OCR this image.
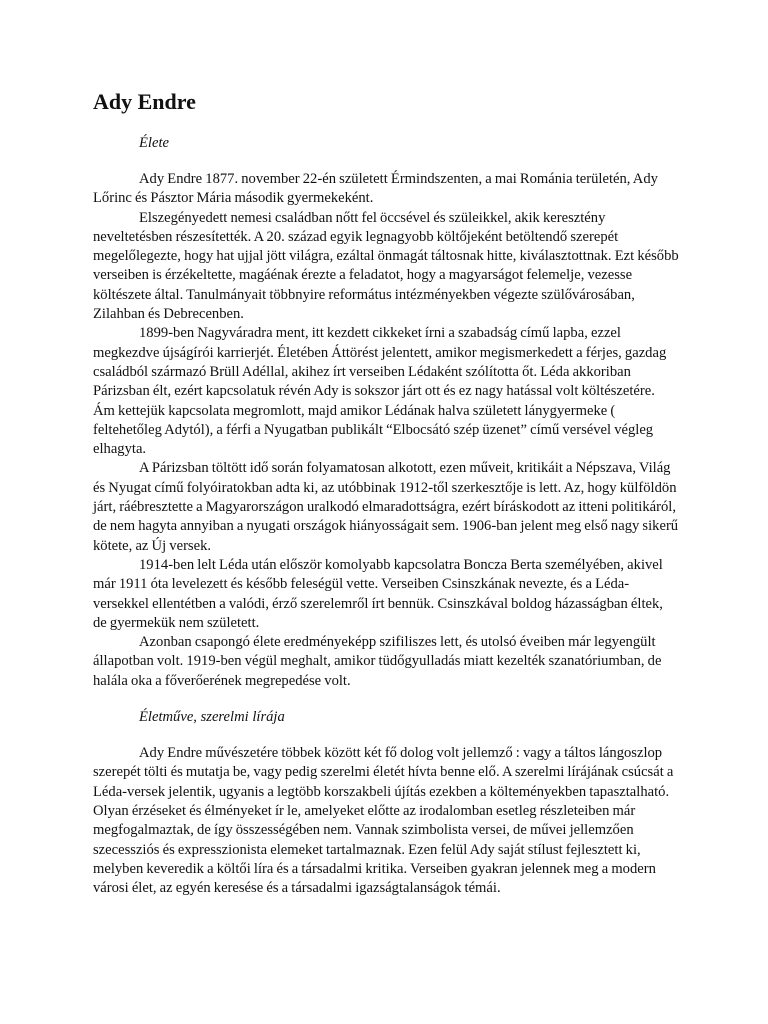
Ady Endre
Élete

Ady Endre 1877. november 22-én született Érmindszenten, a mai Románia területén, Ady Lőrinc és Pásztor Mária második gyermekeként.

Elszegényedett nemesi családban nőtt fel öccsével és szüleikkel, akik keresztény neveltetésben részesítették. A 20. század egyik legnagyobb költőjeként betöltendő szerepét megelőlegezte, hogy hat ujjal jött világra, ezáltal önmagát táltosnak hitte, kiválasztottnak. Ezt később verseiben is érzékeltette, magáénak érezte a feladatot, hogy a magyarságot felemelje, vezesse költészete által. Tanulmányait többnyire református intézményekben végezte szülővárosában, Zilahban és Debrecenben.

1899-ben Nagyváradra ment, itt kezdett cikkeket írni a szabadság című lapba, ezzel megkezdve újságírói karrierjét. Életében Áttörést jelentett, amikor megismerkedett a férjes, gazdag családból származó Brüll Adéllal, akihez írt verseiben Lédaként szólította őt. Léda akkoriban Párizsban élt, ezért kapcsolatuk révén Ady is sokszor járt ott és ez nagy hatással volt költészetére. Ám kettejük kapcsolata megromlott, majd amikor Lédának halva született lánygyermeke ( feltehetőleg Adytól), a férfi a Nyugatban publikált “Elbocsátó szép üzenet” című versével végleg elhagyta.

A Párizsban töltött idő során folyamatosan alkotott, ezen műveit, kritikáit a Népszava, Világ és Nyugat című folyóiratokban adta ki, az utóbbinak 1912-től szerkesztője is lett. Az, hogy külföldön járt, ráébresztette a Magyarországon uralkodó elmaradottságra, ezért bíráskodott az itteni politikáról, de nem hagyta annyiban a nyugati országok hiányosságait sem. 1906-ban jelent meg első nagy sikerű kötete, az Új versek.

1914-ben lelt Léda után először komolyabb kapcsolatra Boncza Berta személyében, akivel már 1911 óta levelezett és később feleségül vette. Verseiben Csinszkának nevezte, és a Léda-versekkel ellentétben a valódi, érző szerelemről írt bennük. Csinszkával boldog házasságban éltek, de gyermekük nem született.

Azonban csapongó élete eredményeképp szifiliszes lett, és utolsó éveiben már legyengült állapotban volt. 1919-ben végül meghalt, amikor tüdőgyulladás miatt kezelték szanatóriumban, de halála oka a főverőerének megrepedése volt.

Életműve, szerelmi lírája

Ady Endre művészetére többek között két fő dolog volt jellemző : vagy a táltos lángoszlop szerepét tölti és mutatja be, vagy pedig szerelmi életét hívta benne elő. A szerelmi lírájának csúcsát a Léda-versek jelentik, ugyanis a legtöbb korszakbeli újítás ezekben a költeményekben tapasztalható. Olyan érzéseket és élményeket ír le, amelyeket előtte az irodalomban esetleg részleteiben már megfogalmaztak, de így összességében nem. Vannak szimbolista versei, de művei jellemzően szecessziós és expresszionista elemeket tartalmaznak. Ezen felül Ady saját stílust fejlesztett ki, melyben keveredik a költői líra és a társadalmi kritika. Verseiben gyakran jelennek meg a modern városi élet, az egyén keresése és a társadalmi igazságtalanságok témái.
